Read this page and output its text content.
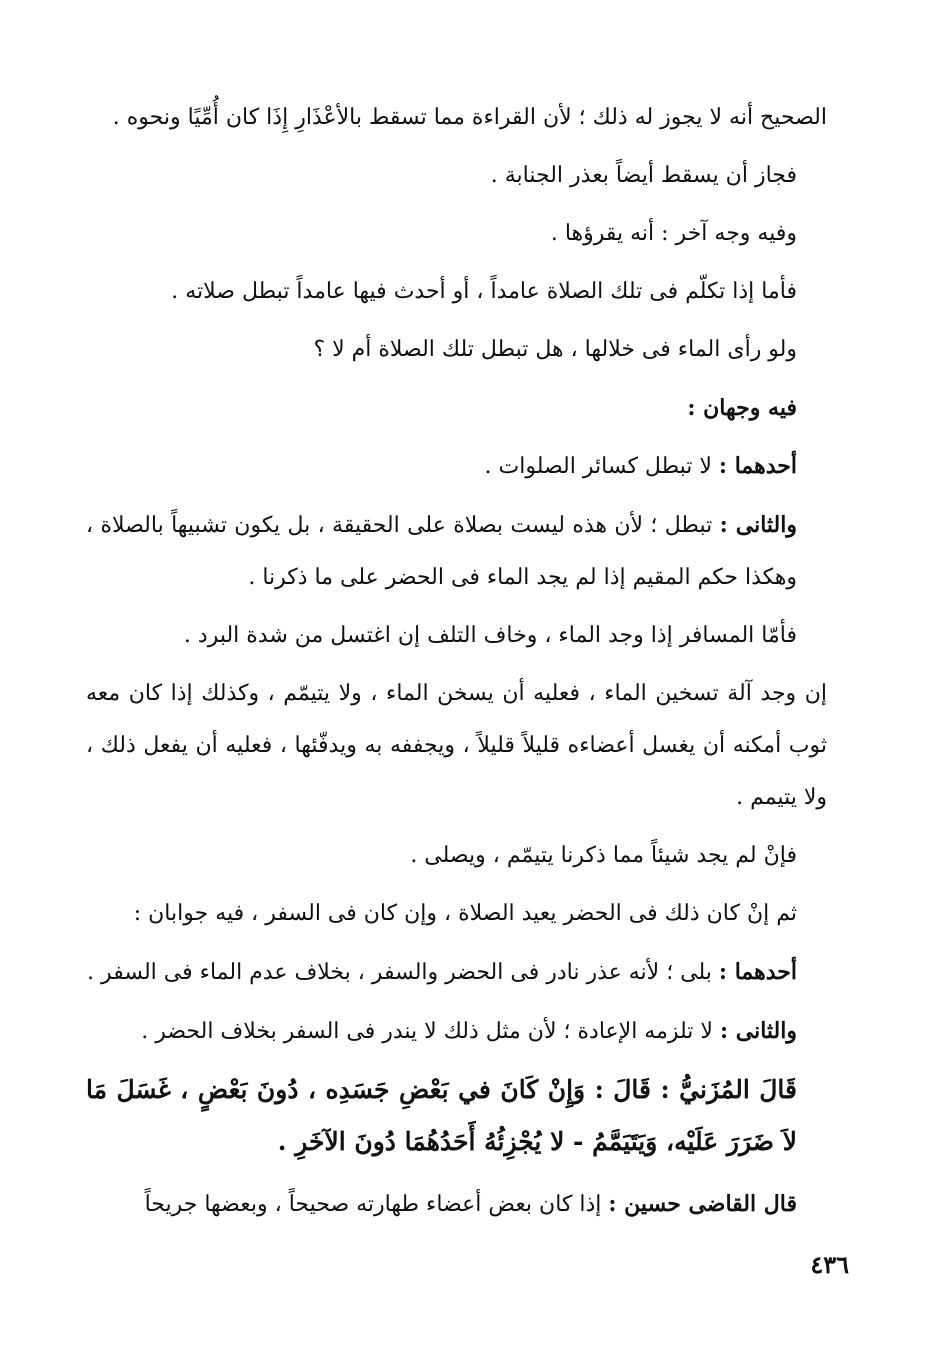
الصحيح أنه لا يجوز له ذلك ؛ لأن القراءة مما تسقط بالأعْذَارِ إِذَا كان أُمِّيًا ونحوه .

فجاز أن يسقط أيضاً بعذر الجنابة .

وفيه وجه آخر : أنه يقرؤها .

فأما إذا تكلّم فى تلك الصلاة عامداً ، أو أحدث فيها عامداً تبطل صلاته .

ولو رأى الماء فى خلالها ، هل تبطل تلك الصلاة أم لا ؟

فيه وجهان :

أحدهما : لا تبطل كسائر الصلوات .

والثانى : تبطل ؛ لأن هذه ليست بصلاة على الحقيقة ، بل يكون تشبيهاً بالصلاة ، وهكذا حكم المقيم إذا لم يجد الماء فى الحضر على ما ذكرنا .

فأمّا المسافر إذا وجد الماء ، وخاف التلف إن اغتسل من شدة البرد .

إن وجد آلة تسخين الماء ، فعليه أن يسخن الماء ، ولا يتيمّم ، وكذلك إذا كان معه ثوب أمكنه أن يغسل أعضاءه قليلاً قليلاً ، ويجففه به ويدفّئها ، فعليه أن يفعل ذلك ، ولا يتيمم .

فإنْ لم يجد شيئاً مما ذكرنا يتيمّم ، ويصلى .

ثم إنْ كان ذلك فى الحضر يعيد الصلاة ، وإن كان فى السفر ، فيه جوابان :

أحدهما : بلى ؛ لأنه عذر نادر فى الحضر والسفر ، بخلاف عدم الماء فى السفر .

والثانى : لا تلزمه الإعادة ؛ لأن مثل ذلك لا يندر فى السفر بخلاف الحضر .

قَالَ المُزَنيُّ : قَالَ : وَإِنْ كَانَ في بَعْضِ جَسَدِه ، دُونَ بَعْضٍ ، غَسَلَ مَا لاَ ضَرَرَ عَلَيْه، وَيَتَيَمَّمُ - لا يُجْزِئُهُ أَحَدُهُمَا دُونَ الآخَرِ .

قال القاضى حسين : إذا كان بعض أعضاء طهارته صحيحاً ، وبعضها جريحاً

٤٣٦
